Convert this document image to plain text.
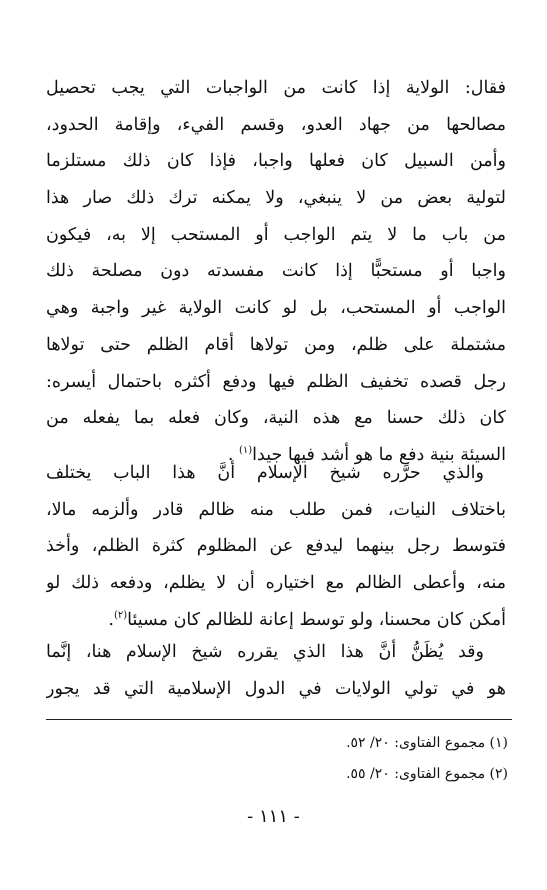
فقال: الولاية إذا كانت من الواجبات التي يجب تحصيل
مصالحها من جهاد العدو، وقسم الفيء، وإقامة الحدود،
وأمن السبيل كان فعلها واجبا، فإذا كان ذلك مستلزما
لتولية بعض من لا ينبغي، ولا يمكنه ترك ذلك صار هذا
من باب ما لا يتم الواجب أو المستحب إلا به، فيكون
واجبا أو مستحبًّا إذا كانت مفسدته دون مصلحة ذلك
الواجب أو المستحب، بل لو كانت الولاية غير واجبة وهي
مشتملة على ظلم، ومن تولاها أقام الظلم حتى تولاها
رجل قصده تخفيف الظلم فيها ودفع أكثره باحتمال أيسره:
كان ذلك حسنا مع هذه النية، وكان فعله بما يفعله من
السيئة بنية دفع ما هو أشد فيها جيدا$^{(١)}$ .
والذي حرَّره شيخ الإسلام أنَّ هذا الباب يختلف
باختلاف النيات، فمن طلب منه ظالم قادر وألزمه مالا،
فتوسط رجل بينهما ليدفع عن المظلوم كثرة الظلم، وأخذ
منه، وأعطى الظالم مع اختياره أن لا يظلم، ودفعه ذلك لو
أمكن كان محسنا، ولو توسط إعانة للظالم كان مسيئا$^{(٢)}$.
وقد يُظَنُّ أنَّ هذا الذي يقرره شيخ الإسلام هنا، إنَّما
هو في تولي الولايات في الدول الإسلامية التي قد يجور
(١) مجموع الفتاوى: ٢٠/ ٥٢.
(٢) مجموع الفتاوى: ٢٠/ ٥٥.
- ١١١ -
